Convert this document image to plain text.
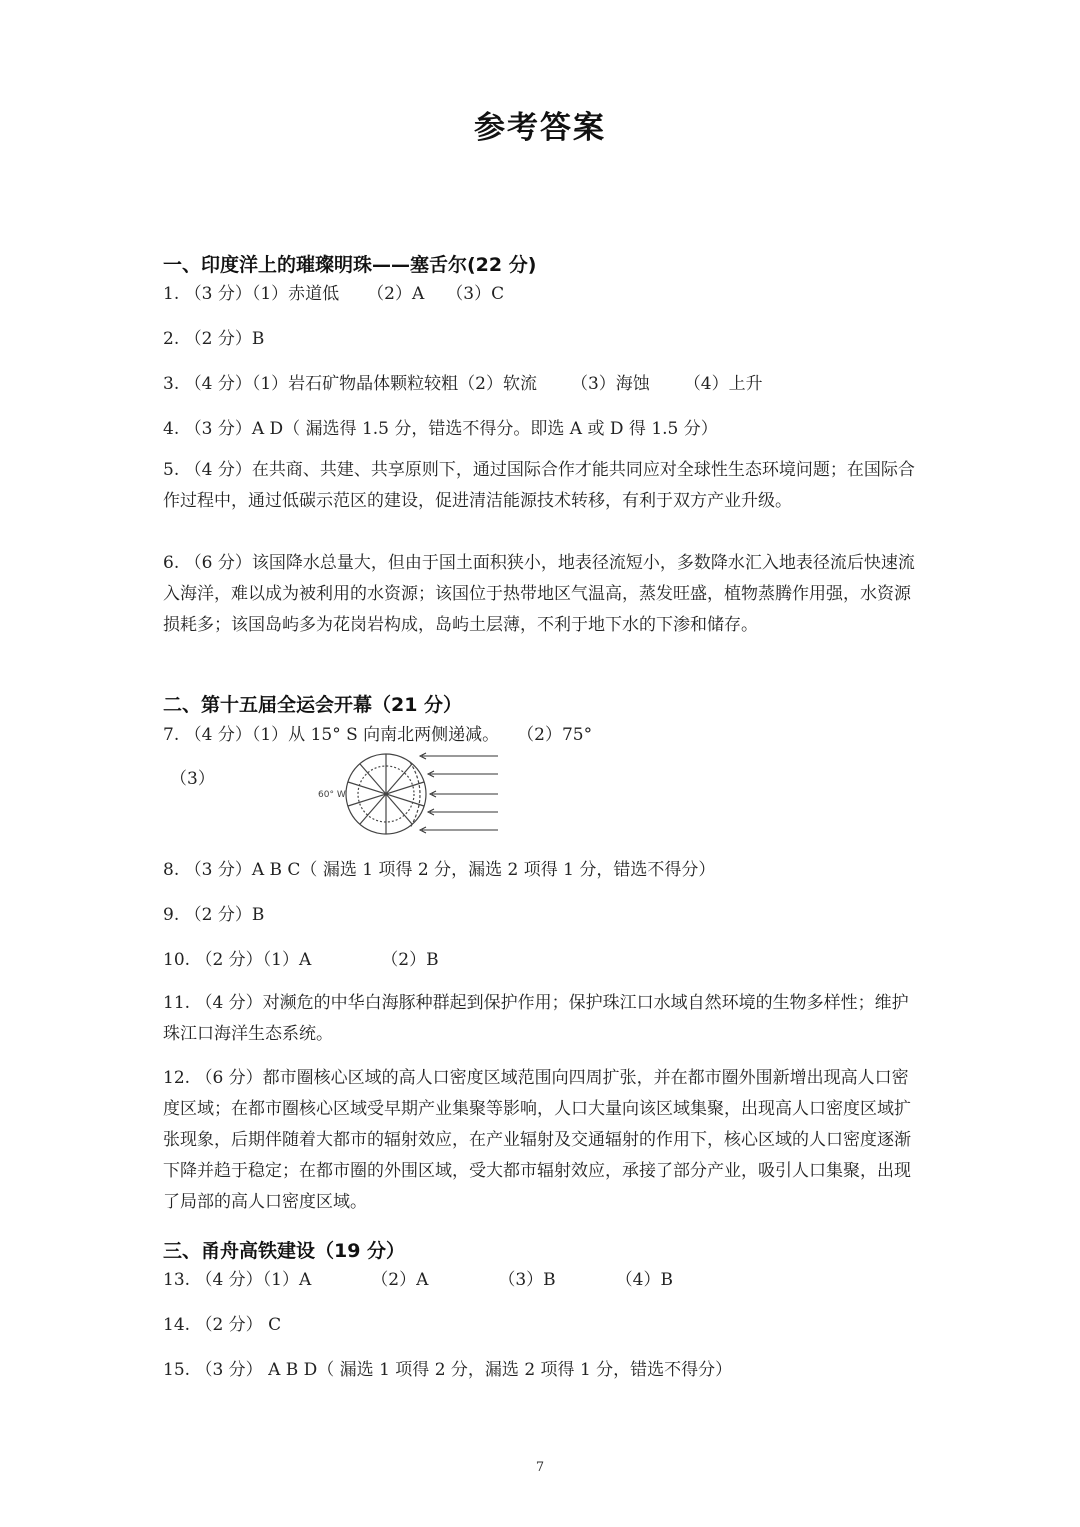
参考答案
一、印度洋上的璀璨明珠——塞舌尔(22 分)
1. （3 分）（1）赤道低 （2）A （3）C
2. （2 分）B
3. （4 分）（1）岩石矿物晶体颗粒较粗（2）软流 （3）海蚀 （4）上升
4. （3 分）A D（ 漏选得 1.5 分，错选不得分。即选 A 或 D 得 1.5 分）
5. （4 分）在共商、共建、共享原则下，通过国际合作才能共同应对全球性生态环境问题；在国际合作过程中，通过低碳示范区的建设，促进清洁能源技术转移，有利于双方产业升级。
6. （6 分）该国降水总量大，但由于国土面积狭小，地表径流短小，多数降水汇入地表径流后快速流入海洋，难以成为被利用的水资源；该国位于热带地区气温高，蒸发旺盛，植物蒸腾作用强，水资源损耗多；该国岛屿多为花岗岩构成，岛屿土层薄，不利于地下水的下渗和储存。
二、第十五届全运会开幕（21 分）
7. （4 分）（1）从 15° S 向南北两侧递减。 （2）75°
（3）
60° W
8. （3 分）A B C（ 漏选 1 项得 2 分，漏选 2 项得 1 分，错选不得分）
9. （2 分）B
10. （2 分）（1）A	（2）B
11. （4 分）对濒危的中华白海豚种群起到保护作用；保护珠江口水域自然环境的生物多样性；维护珠江口海洋生态系统。
12. （6 分）都市圈核心区域的高人口密度区域范围向四周扩张，并在都市圈外围新增出现高人口密度区域；在都市圈核心区域受早期产业集聚等影响，人口大量向该区域集聚，出现高人口密度区域扩张现象，后期伴随着大都市的辐射效应，在产业辐射及交通辐射的作用下，核心区域的人口密度逐渐下降并趋于稳定；在都市圈的外围区域，受大都市辐射效应，承接了部分产业，吸引人口集聚，出现了局部的高人口密度区域。
三、甬舟高铁建设（19 分）
13. （4 分）（1）A	（2）A	（3）B	（4）B
14. （2 分） C
15. （3 分） A B D（ 漏选 1 项得 2 分，漏选 2 项得 1 分，错选不得分）
7
